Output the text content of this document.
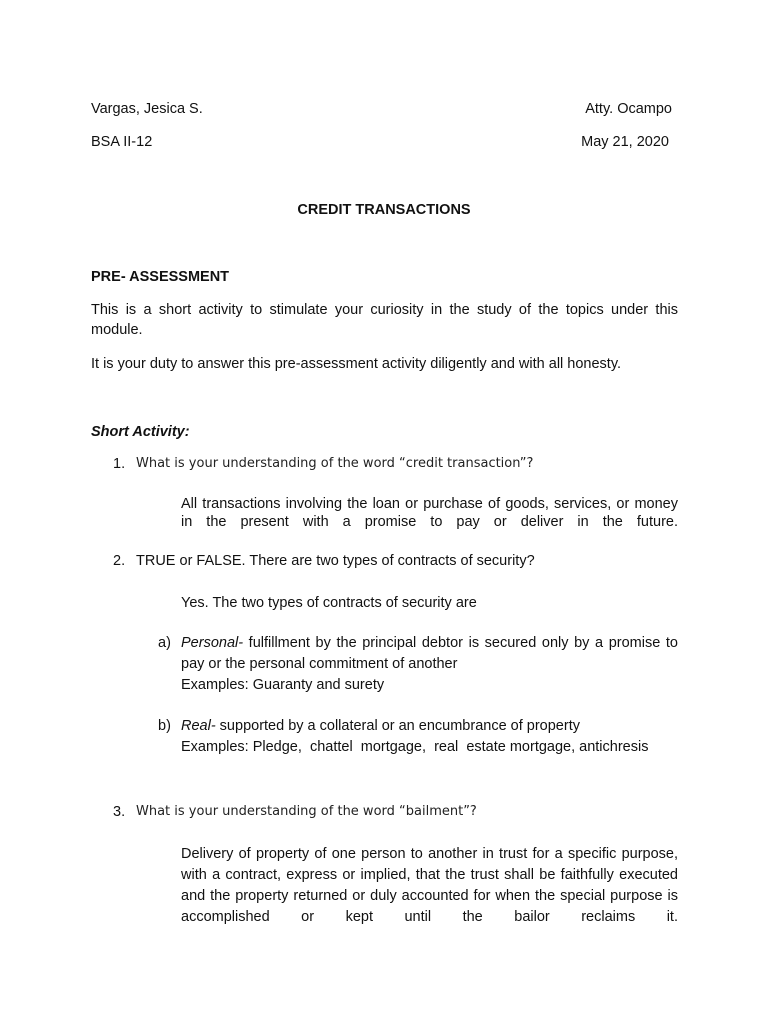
Vargas, Jesica S.	Atty. Ocampo
BSA II-12	May 21, 2020
CREDIT TRANSACTIONS
PRE- ASSESSMENT
This is a short activity to stimulate your curiosity in the study of the topics under this module.
It is your duty to answer this pre-assessment activity diligently and with all honesty.
Short Activity:
1. What is your understanding of the word “credit transaction”?
All transactions involving the loan or purchase of goods, services, or money in the present with a promise to pay or deliver in the future.
2. TRUE or FALSE. There are two types of contracts of security?
Yes. The two types of contracts of security are
a) Personal- fulfillment by the principal debtor is secured only by a promise to pay or the personal commitment of another
Examples: Guaranty and surety
b) Real- supported by a collateral or an encumbrance of property
Examples: Pledge,  chattel  mortgage,  real  estate mortgage, antichresis
3. What is your understanding of the word “bailment”?
Delivery of property of one person to another in trust for a specific purpose, with a contract, express or implied, that the trust shall be faithfully executed and the property returned or duly accounted for when the special purpose is accomplished or kept until the bailor reclaims it.
